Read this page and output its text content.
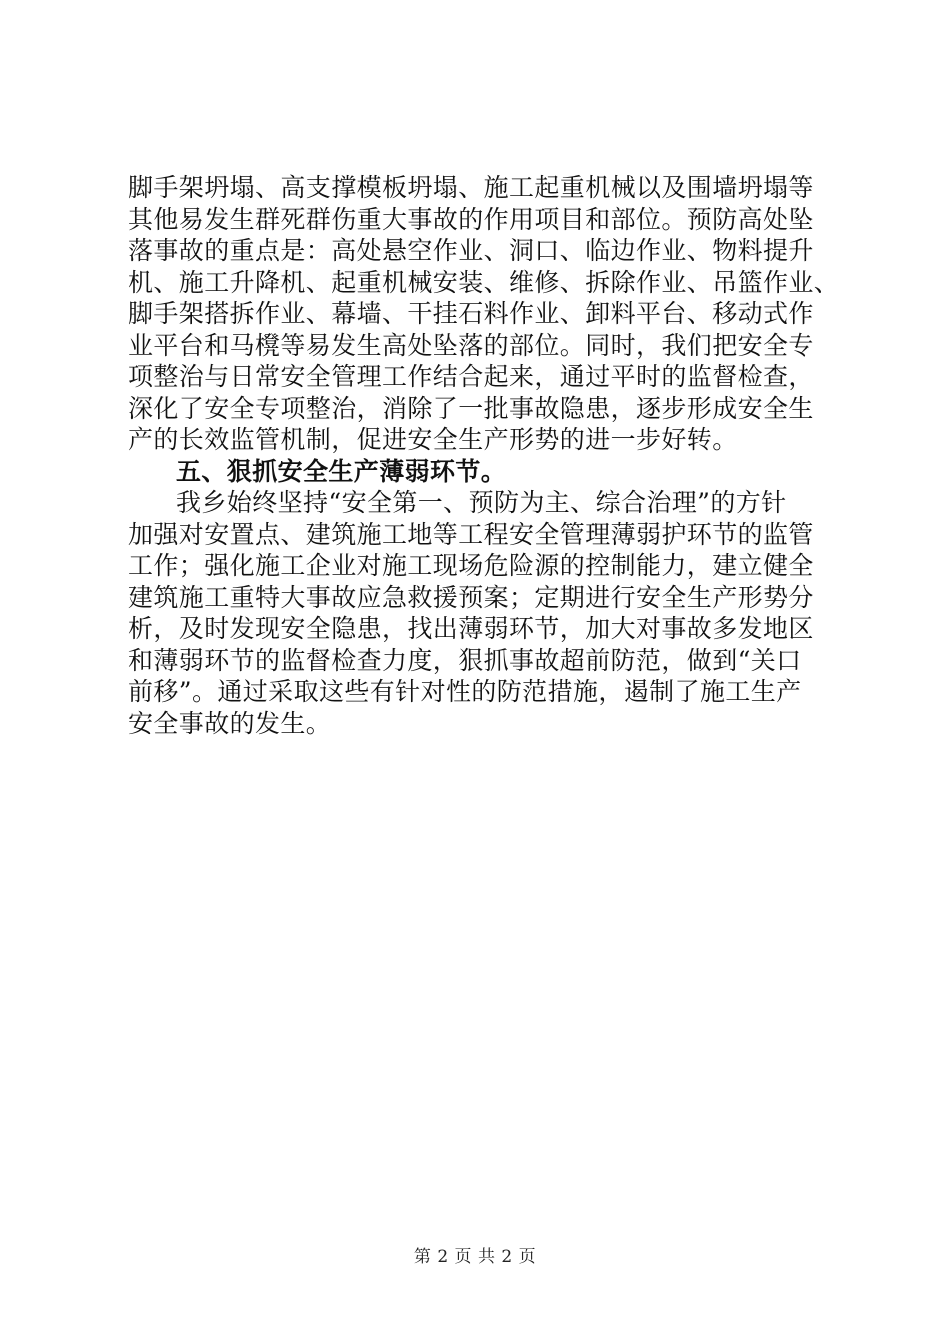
脚手架坍塌、高支撑模板坍塌、施工起重机械以及围墙坍塌等
其他易发生群死群伤重大事故的作用项目和部位。预防高处坠
落事故的重点是：高处悬空作业、洞口、临边作业、物料提升
机、施工升降机、起重机械安装、维修、拆除作业、吊篮作业、
脚手架搭拆作业、幕墙、干挂石料作业、卸料平台、移动式作
业平台和马櫈等易发生高处坠落的部位。同时，我们把安全专
项整治与日常安全管理工作结合起来，通过平时的监督检查，
深化了安全专项整治，消除了一批事故隐患，逐步形成安全生
产的长效监管机制，促进安全生产形势的进一步好转。
五、狠抓安全生产薄弱环节。
我乡始终坚持“安全第一、预防为主、综合治理”的方针
加强对安置点、建筑施工地等工程安全管理薄弱护环节的监管
工作；强化施工企业对施工现场危险源的控制能力，建立健全
建筑施工重特大事故应急救援预案；定期进行安全生产形势分
析，及时发现安全隐患，找出薄弱环节，加大对事故多发地区
和薄弱环节的监督检查力度，狠抓事故超前防范，做到“关口
前移”。通过采取这些有针对性的防范措施，遏制了施工生产
安全事故的发生。
第 2 页 共 2 页
